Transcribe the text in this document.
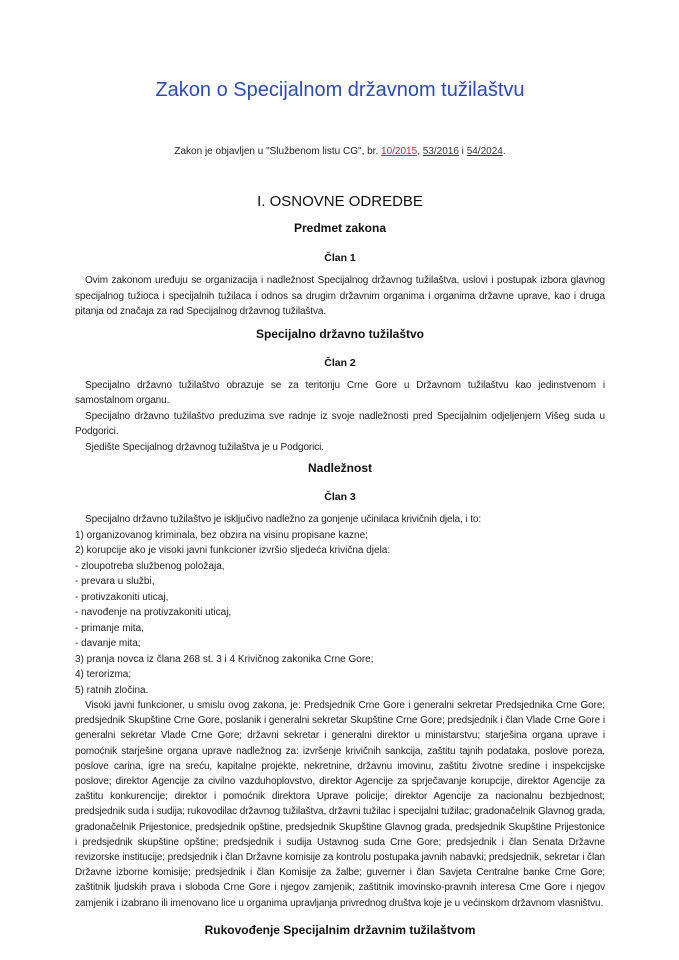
Zakon o Specijalnom državnom tužilaštvu
Zakon je objavljen u "Službenom listu CG", br. 10/2015, 53/2016 i 54/2024.
I. OSNOVNE ODREDBE
Predmet zakona
Član 1

Ovim zakonom uređuju se organizacija i nadležnost Specijalnog državnog tužilaštva, uslovi i postupak izbora glavnog specijalnog tužioca i specijalnih tužilaca i odnos sa drugim državnim organima i organima državne uprave, kao i druga pitanja od značaja za rad Specijalnog državnog tužilaštva.

Specijalno državno tužilaštvo
Član 2

Specijalno državno tužilaštvo obrazuje se za teritoriju Crne Gore u Državnom tužilaštvu kao jedinstvenom i samostalnom organu.

Specijalno državno tužilaštvo preduzima sve radnje iz svoje nadležnosti pred Specijalnim odjeljenjem Višeg suda u Podgorici.

Sjedište Specijalnog državnog tužilaštva je u Podgorici.

Nadležnost
Član 3

Specijalno državno tužilaštvo je isključivo nadležno za gonjenje učinilaca krivičnih djela, i to:

1) organizovanog kriminala, bez obzira na visinu propisane kazne;

2) korupcije ako je visoki javni funkcioner izvršio sljedeća krivična djela:

- zloupotreba službenog položaja,

- prevara u službi,

- protivzakoniti uticaj,

- navođenje na protivzakoniti uticaj,

- primanje mita,

- davanje mita;

3) pranja novca iz člana 268 st. 3 i 4 Krivičnog zakonika Crne Gore;

4) terorizma;

5) ratnih zločina.

Visoki javni funkcioner, u smislu ovog zakona, je: Predsjednik Crne Gore i generalni sekretar Predsjednika Crne Gore; predsjednik Skupštine Crne Gore, poslanik i generalni sekretar Skupštine Crne Gore; predsjednik i član Vlade Crne Gore i generalni sekretar Vlade Crne Gore; državni sekretar i generalni direktor u ministarstvu; starješina organa uprave i pomoćnik starješine organa uprave nadležnog za: izvršenje krivičnih sankcija, zaštitu tajnih podataka, poslove poreza, poslove carina, igre na sreću, kapitalne projekte, nekretnine, državnu imovinu, zaštitu životne sredine i inspekcijske poslove; direktor Agencije za civilno vazduhoplovstvo, direktor Agencije za sprječavanje korupcije, direktor Agencije za zaštitu konkurencije; direktor i pomoćnik direktora Uprave policije; direktor Agencije za nacionalnu bezbjednost; predsjednik suda i sudija; rukovodilac državnog tužilaštva, državni tužilac i specijalni tužilac; gradonačelnik Glavnog grada, gradonačelnik Prijestonice, predsjednik opštine, predsjednik Skupštine Glavnog grada, predsjednik Skupštine Prijestonice i predsjednik skupštine opštine; predsjednik i sudija Ustavnog suda Crne Gore; predsjednik i član Senata Državne revizorske institucije; predsjednik i član Državne komisije za kontrolu postupaka javnih nabavki; predsjednik, sekretar i član Državne izborne komisije; predsjednik i član Komisije za žalbe; guverner i član Savjeta Centralne banke Crne Gore; zaštitnik ljudskih prava i sloboda Crne Gore i njegov zamjenik; zaštitnik imovinsko-pravnih interesa Crne Gore i njegov zamjenik i izabrano ili imenovano lice u organima upravljanja privrednog društva koje je u većinskom državnom vlasništvu.

Rukovođenje Specijalnim državnim tužilaštvom
